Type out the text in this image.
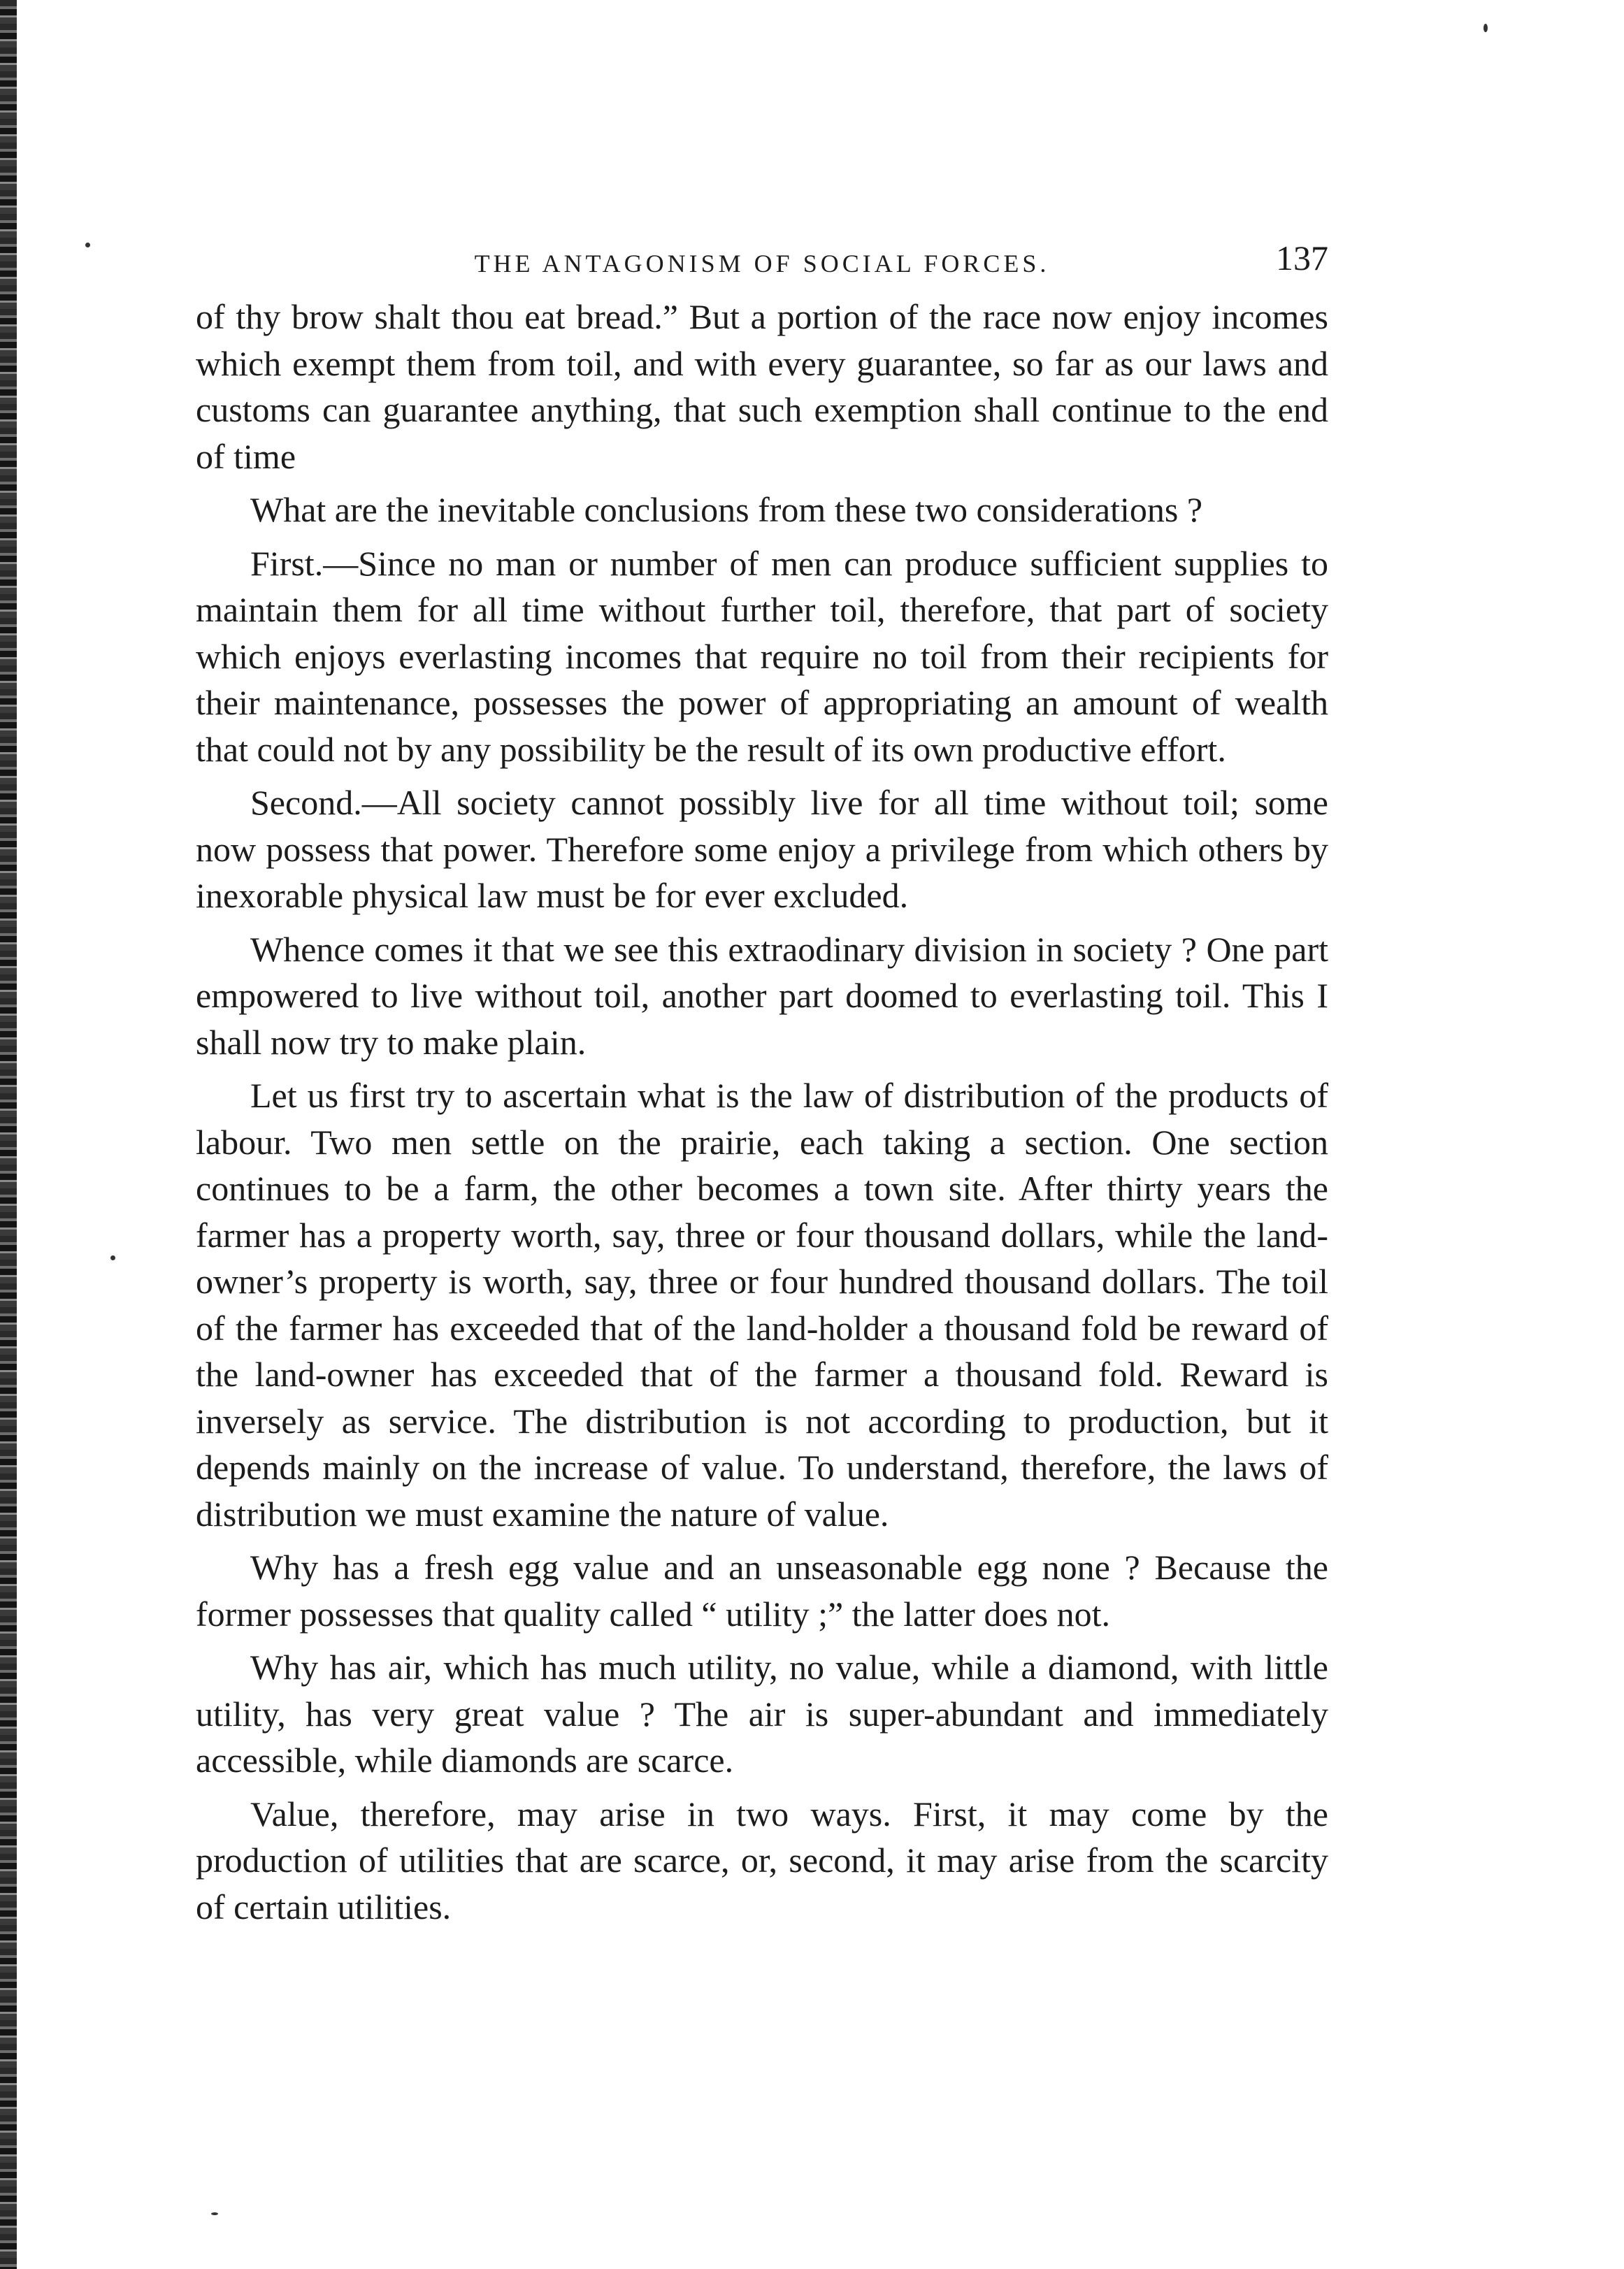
THE ANTAGONISM OF SOCIAL FORCES.	137

of thy brow shalt thou eat bread.” But a portion of the race now enjoy incomes which exempt them from toil, and with every guarantee, so far as our laws and customs can guarantee anything, that such exemption shall continue to the end of time

What are the inevitable conclusions from these two considerations ?

First.—Since no man or number of men can produce sufficient supplies to maintain them for all time without further toil, therefore, that part of society which enjoys everlasting incomes that require no toil from their recipients for their maintenance, possesses the power of appropriating an amount of wealth that could not by any possibility be the result of its own productive effort.

Second.—All society cannot possibly live for all time without toil; some now possess that power. Therefore some enjoy a privilege from which others by inexorable physical law must be for ever excluded.

Whence comes it that we see this extraodinary division in society ? One part empowered to live without toil, another part doomed to everlasting toil. This I shall now try to make plain.

Let us first try to ascertain what is the law of distribution of the products of labour. Two men settle on the prairie, each taking a section. One section continues to be a farm, the other becomes a town site. After thirty years the farmer has a property worth, say, three or four thousand dollars, while the land-owner’s property is worth, say, three or four hundred thousand dollars. The toil of the farmer has exceeded that of the land-holder a thousand fold be reward of the land-owner has exceeded that of the farmer a thousand fold. Reward is inversely as service. The distribution is not according to production, but it depends mainly on the increase of value. To understand, therefore, the laws of distribution we must examine the nature of value.

Why has a fresh egg value and an unseasonable egg none ? Because the former possesses that quality called “ utility ;” the latter does not.

Why has air, which has much utility, no value, while a diamond, with little utility, has very great value ? The air is super-abundant and immediately accessible, while diamonds are scarce.

Value, therefore, may arise in two ways. First, it may come by the production of utilities that are scarce, or, second, it may arise from the scarcity of certain utilities.
